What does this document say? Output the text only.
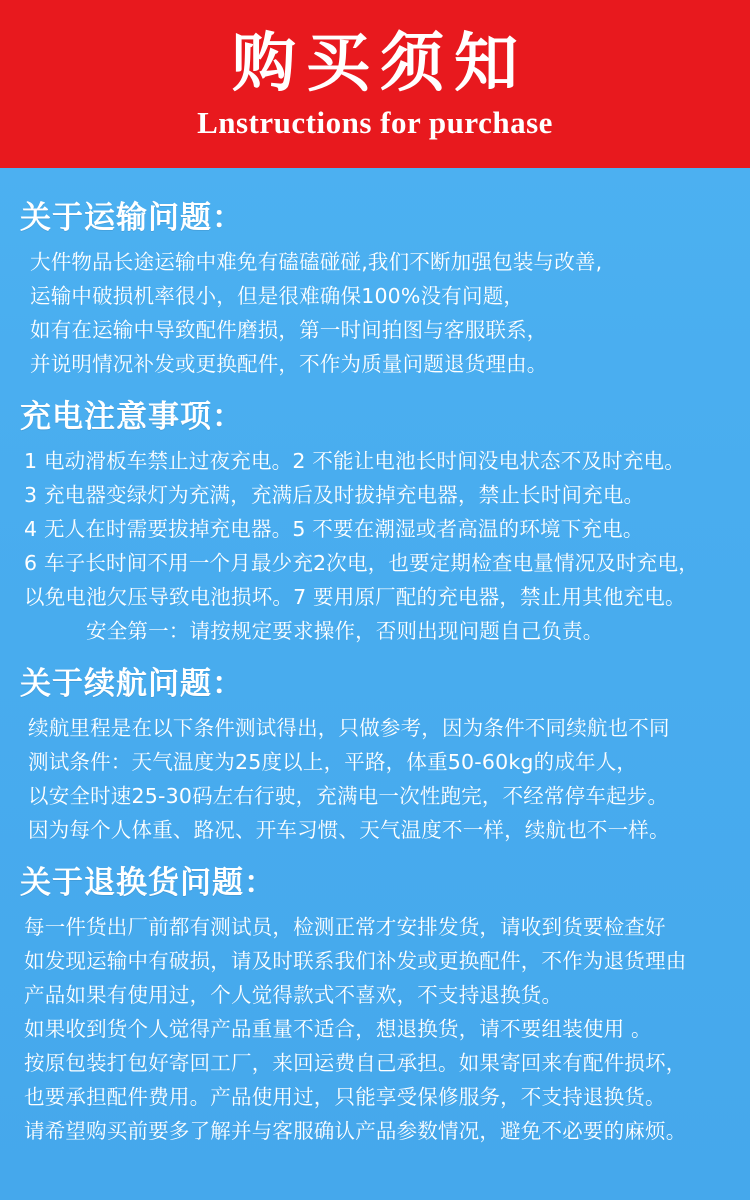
购买须知
Lnstructions for purchase
关于运输问题：
大件物品长途运输中难免有磕磕碰碰,我们不断加强包装与改善,
运输中破损机率很小，但是很难确保100%没有问题，
如有在运输中导致配件磨损，第一时间拍图与客服联系，
并说明情况补发或更换配件，不作为质量问题退货理由。
充电注意事项：
1 电动滑板车禁止过夜充电。2 不能让电池长时间没电状态不及时充电。
3 充电器变绿灯为充满，充满后及时拔掉充电器，禁止长时间充电。
4 无人在时需要拔掉充电器。5 不要在潮湿或者高温的环境下充电。
6 车子长时间不用一个月最少充2次电，也要定期检查电量情况及时充电，
以免电池欠压导致电池损坏。7 要用原厂配的充电器，禁止用其他充电。
安全第一：请按规定要求操作，否则出现问题自己负责。
关于续航问题：
续航里程是在以下条件测试得出，只做参考，因为条件不同续航也不同
测试条件：天气温度为25度以上，平路，体重50-60kg的成年人，
以安全时速25-30码左右行驶，充满电一次性跑完，不经常停车起步。
因为每个人体重、路况、开车习惯、天气温度不一样，续航也不一样。
关于退换货问题：
每一件货出厂前都有测试员，检测正常才安排发货，请收到货要检查好
如发现运输中有破损，请及时联系我们补发或更换配件，不作为退货理由
产品如果有使用过，个人觉得款式不喜欢，不支持退换货。
如果收到货个人觉得产品重量不适合，想退换货，请不要组装使用 。
按原包装打包好寄回工厂，来回运费自己承担。如果寄回来有配件损坏，
也要承担配件费用。产品使用过，只能享受保修服务，不支持退换货。
请希望购买前要多了解并与客服确认产品参数情况，避免不必要的麻烦。
